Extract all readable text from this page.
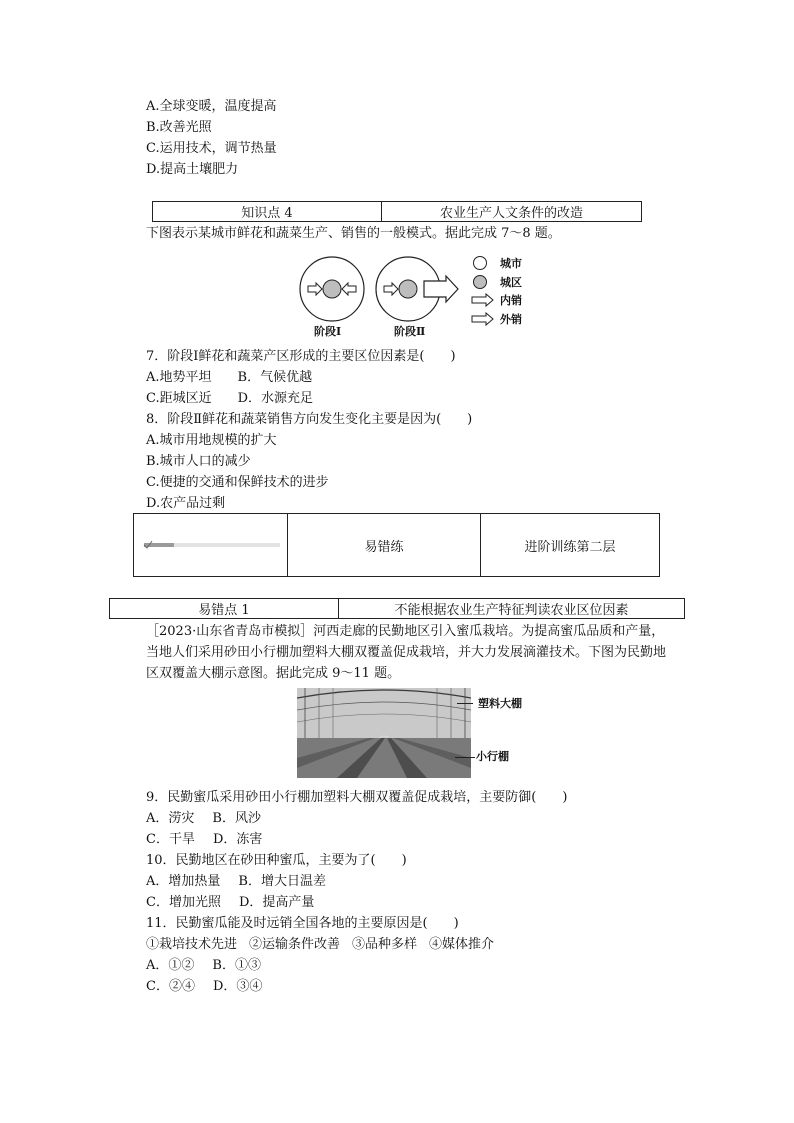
A.全球变暖，温度提高
B.改善光照
C.运用技术，调节热量
D.提高土壤肥力
知识点 4	农业生产人文条件的改造
下图表示某城市鲜花和蔬菜生产、销售的一般模式。据此完成 7～8 题。
城市
城区
内销
外销
阶段Ⅰ	阶段Ⅱ
7．阶段Ⅰ鲜花和蔬菜产区形成的主要区位因素是(　　)
A.地势平坦 B．气候优越
C.距城区近 D．水源充足
8．阶段Ⅱ鲜花和蔬菜销售方向发生变化主要是因为(　　)
A.城市用地规模的扩大
B.城市人口的减少
C.便捷的交通和保鲜技术的进步
D.农产品过剩
易错练	进阶训练第二层
易错点 1	不能根据农业生产特征判读农业区位因素
［2023·山东省青岛市模拟］河西走廊的民勤地区引入蜜瓜栽培。为提高蜜瓜品质和产量，
当地人们采用砂田小行棚加塑料大棚双覆盖促成栽培，并大力发展滴灌技术。下图为民勤地
区双覆盖大棚示意图。据此完成 9～11 题。
塑料大棚
小行棚
9．民勤蜜瓜采用砂田小行棚加塑料大棚双覆盖促成栽培，主要防御(　　)
A．涝灾 B．风沙
C．干旱 D．冻害
10．民勤地区在砂田种蜜瓜，主要为了(　　)
A．增加热量 B．增大日温差
C．增加光照 D．提高产量
11．民勤蜜瓜能及时远销全国各地的主要原因是(　　)
①栽培技术先进 ②运输条件改善 ③品种多样 ④媒体推介
A．①② B．①③
C．②④ D．③④
